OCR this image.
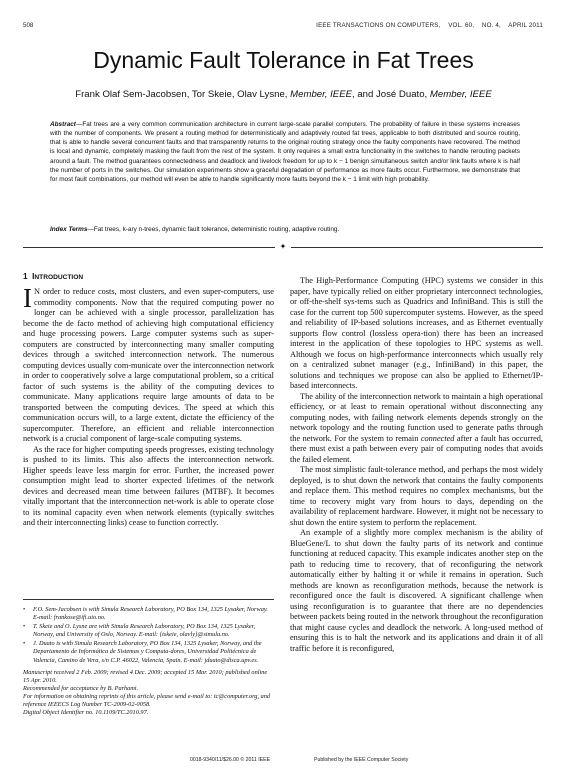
508	IEEE TRANSACTIONS ON COMPUTERS,    VOL. 60,    NO. 4,    APRIL 2011
Dynamic Fault Tolerance in Fat Trees
Frank Olaf Sem-Jacobsen, Tor Skeie, Olav Lysne, Member, IEEE, and José Duato, Member, IEEE
Abstract—Fat trees are a very common communication architecture in current large-scale parallel computers. The probability of failure in these systems increases with the number of components. We present a routing method for deterministically and adaptively routed fat trees, applicable to both distributed and source routing, that is able to handle several concurrent faults and that transparently returns to the original routing strategy once the faulty components have recovered. The method is local and dynamic, completely masking the fault from the rest of the system. It only requires a small extra functionality in the switches to handle rerouting packets around a fault. The method guarantees connectedness and deadlock and livelock freedom for up to k − 1 benign simultaneous switch and/or link faults where k is half the number of ports in the switches. Our simulation experiments show a graceful degradation of performance as more faults occur. Furthermore, we demonstrate that for most fault combinations, our method will even be able to handle significantly more faults beyond the k − 1 limit with high probability.
Index Terms—Fat trees, k-ary n-trees, dynamic fault tolerance, deterministic routing, adaptive routing.
✦
1 INTRODUCTION

I N order to reduce costs, most clusters, and even super-computers, use commodity components. Now that the required computing power no longer can be achieved with a single processor, parallelization has become the de facto method of achieving high computational efficiency and huge processing powers. Large computer systems such as super-computers are constructed by interconnecting many smaller computing devices through a switched interconnection network. The numerous computing devices usually com-municate over the interconnection network in order to cooperatively solve a large computational problem, so a critical factor of such systems is the ability of the computing devices to communicate. Many applications require large amounts of data to be transported between the computing devices. The speed at which this communication occurs will, to a large extent, dictate the efficiency of the supercomputer. Therefore, an efficient and reliable interconnection network is a crucial component of large-scale computing systems.

As the race for higher computing speeds progresses, existing technology is pushed to its limits. This also affects the interconnection network. Higher speeds leave less margin for error. Further, the increased power consumption might lead to shorter expected lifetimes of the network devices and decreased mean time between failures (MTBF). It becomes vitally important that the interconnection net-work is able to operate close to its nominal capacity even when network elements (typically switches and their interconnecting links) cease to function correctly.

• F.O. Sem-Jacobsen is with Simula Research Laboratory, PO Box 134, 1325 Lysaker, Norway. E-mail: frankose@ifi.uio.no.
• T. Skeie and O. Lysne are with Simula Research Laboratory, PO Box 134, 1325 Lysaker, Norway, and University of Oslo, Norway. E-mail: {tskeie, olavly}@simula.no.
• J. Duato is with Simula Research Laboratory, PO Box 134, 1325 Lysaker, Norway, and the Departamento de Informática de Sistemas y Computa-dores, Universidad Politécnica de Valencia, Camino de Vera, s/n C.P. 46022, Valencia, Spain. E-mail: jduato@disca.upv.es.
Manuscript received 2 Feb. 2009; revised 4 Dec. 2009; accepted 15 Mar. 2010; published online 15 Apr. 2010.
Recommended for acceptance by B. Parhami.
For information on obtaining reprints of this article, please send e-mail to: tc@computer.org, and reference IEEECS Log Number TC-2009-02-0058.
Digital Object Identifier no. 10.1109/TC.2010.97.

The High-Performance Computing (HPC) systems we consider in this paper, have typically relied on either proprietary interconnect technologies, or off-the-shelf sys-tems such as Quadrics and InfiniBand. This is still the case for the current top 500 supercomputer systems. However, as the speed and reliability of IP-based solutions increases, and as Ethernet eventually supports flow control (lossless opera-tion) there has been an increased interest in the application of these topologies to HPC systems as well. Although we focus on high-performance interconnects which usually rely on a centralized subnet manager (e.g., InfiniBand) in this paper, the solutions and techniques we propose can also be applied to Ethernet/IP-based interconnects.

The ability of the interconnection network to maintain a high operational efficiency, or at least to remain operational without disconnecting any computing nodes, with failing network elements depends strongly on the network topology and the routing function used to generate paths through the network. For the system to remain connected after a fault has occurred, there must exist a path between every pair of computing nodes that avoids the failed element.

The most simplistic fault-tolerance method, and perhaps the most widely deployed, is to shut down the network that contains the faulty components and replace them. This method requires no complex mechanisms, but the time to recovery might vary from hours to days, depending on the availability of replacement hardware. However, it might not be necessary to shut down the entire system to perform the replacement.

An example of a slightly more complex mechanism is the ability of BlueGene/L to shut down the faulty parts of its network and continue functioning at reduced capacity. This example indicates another step on the path to reducing time to recovery, that of reconfiguring the network automatically either by halting it or while it remains in operation. Such methods are known as reconfiguration methods, because the network is reconfigured once the fault is discovered. A significant challenge when using reconfiguration is to guarantee that there are no dependencies between packets being routed in the network throughout the reconfiguration that might cause cycles and deadlock the network. A long-used method of ensuring this is to halt the network and its applications and drain it of all traffic before it is reconfigured,

0018-9340/11/$26.00 © 2011 IEEE	Published by the IEEE Computer Society
